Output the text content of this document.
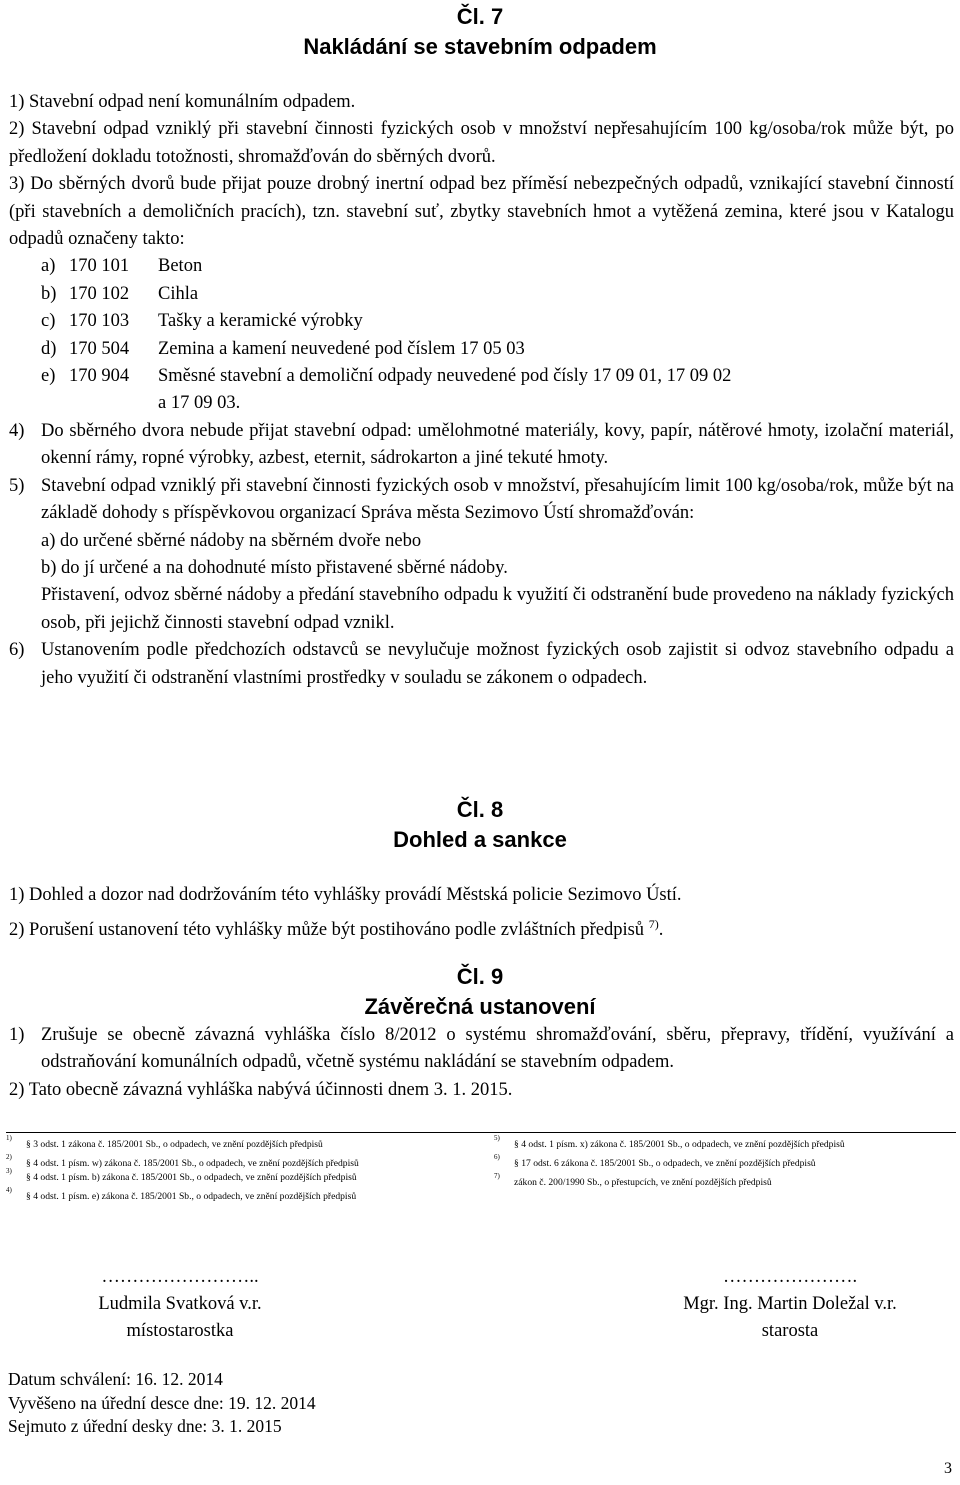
Čl. 7

Nakládání se stavebním odpadem

1) Stavební odpad není komunálním odpadem.

2) Stavební odpad vzniklý při stavební činnosti fyzických osob v množství nepřesahujícím 100 kg/osoba/rok může být, po předložení dokladu totožnosti, shromažďován do sběrných dvorů.

3) Do sběrných dvorů bude přijat pouze drobný inertní odpad bez příměsí nebezpečných odpadů, vznikající stavební činností (při stavebních a demoličních pracích), tzn. stavební suť, zbytky stavebních hmot a vytěžená zemina, které jsou v Katalogu odpadů označeny takto:

a) 170 101	Beton
b) 170 102	Cihla
c) 170 103	Tašky a keramické výrobky
d) 170 504	Zemina a kamení neuvedené pod číslem 17 05 03
e) 170 904	Směsné stavební a demoliční odpady neuvedené pod čísly 17 09 01, 17 09 02
a 17 09 03.
4) Do sběrného dvora nebude přijat stavební odpad: umělohmotné materiály, kovy, papír, nátěrové hmoty, izolační materiál, okenní rámy, ropné výrobky, azbest, eternit, sádrokarton a jiné tekuté hmoty.
5) Stavební odpad vzniklý při stavební činnosti fyzických osob v množství, přesahujícím limit 100 kg/osoba/rok, může být na základě dohody s příspěvkovou organizací Správa města Sezimovo Ústí shromažďován:
a) do určené sběrné nádoby na sběrném dvoře nebo
b) do jí určené a na dohodnuté místo přistavené sběrné nádoby.
Přistavení, odvoz sběrné nádoby a předání stavebního odpadu k využití či odstranění bude provedeno na náklady fyzických osob, při jejichž činnosti stavební odpad vznikl.
6) Ustanovením podle předchozích odstavců se nevylučuje možnost fyzických osob zajistit si odvoz stavebního odpadu a jeho využití či odstranění vlastními prostředky v souladu se zákonem o odpadech.

Čl. 8

Dohled a sankce

1) Dohled a dozor nad dodržováním této vyhlášky provádí Městská policie Sezimovo Ústí.

2) Porušení ustanovení této vyhlášky může být postihováno podle zvláštních předpisů $^{7)}$.

Čl. 9

Závěrečná ustanovení

1) Zrušuje se obecně závazná vyhláška číslo 8/2012 o systému shromažďování, sběru, přepravy, třídění, využívání a odstraňování komunálních odpadů, včetně systému nakládání se stavebním odpadem.

2) Tato obecně závazná vyhláška nabývá účinnosti dnem 3. 1. 2015.

1)
§ 3 odst. 1 zákona č. 185/2001 Sb., o odpadech, ve znění pozdějších předpisů
2)
§ 4 odst. 1 písm. w) zákona č. 185/2001 Sb., o odpadech, ve znění pozdějších předpisů
3)
§ 4 odst. 1 písm. b) zákona č. 185/2001 Sb., o odpadech, ve znění pozdějších předpisů
4)
§ 4 odst. 1 písm. e) zákona č. 185/2001 Sb., o odpadech, ve znění pozdějších předpisů
5)
§ 4 odst. 1 písm. x) zákona č. 185/2001 Sb., o odpadech, ve znění pozdějších předpisů
6)
§ 17 odst. 6 zákona č. 185/2001 Sb., o odpadech, ve znění pozdějších předpisů
7)
zákon č. 200/1990 Sb., o přestupcích, ve znění pozdějších předpisů
……………………..
Ludmila Svatková v.r.
místostarostka
………………….
Mgr. Ing. Martin Doležal v.r.
starosta
Datum schválení: 16. 12. 2014
Vyvěšeno na úřední desce dne: 19. 12. 2014
Sejmuto z úřední desky dne: 3. 1. 2015
3
